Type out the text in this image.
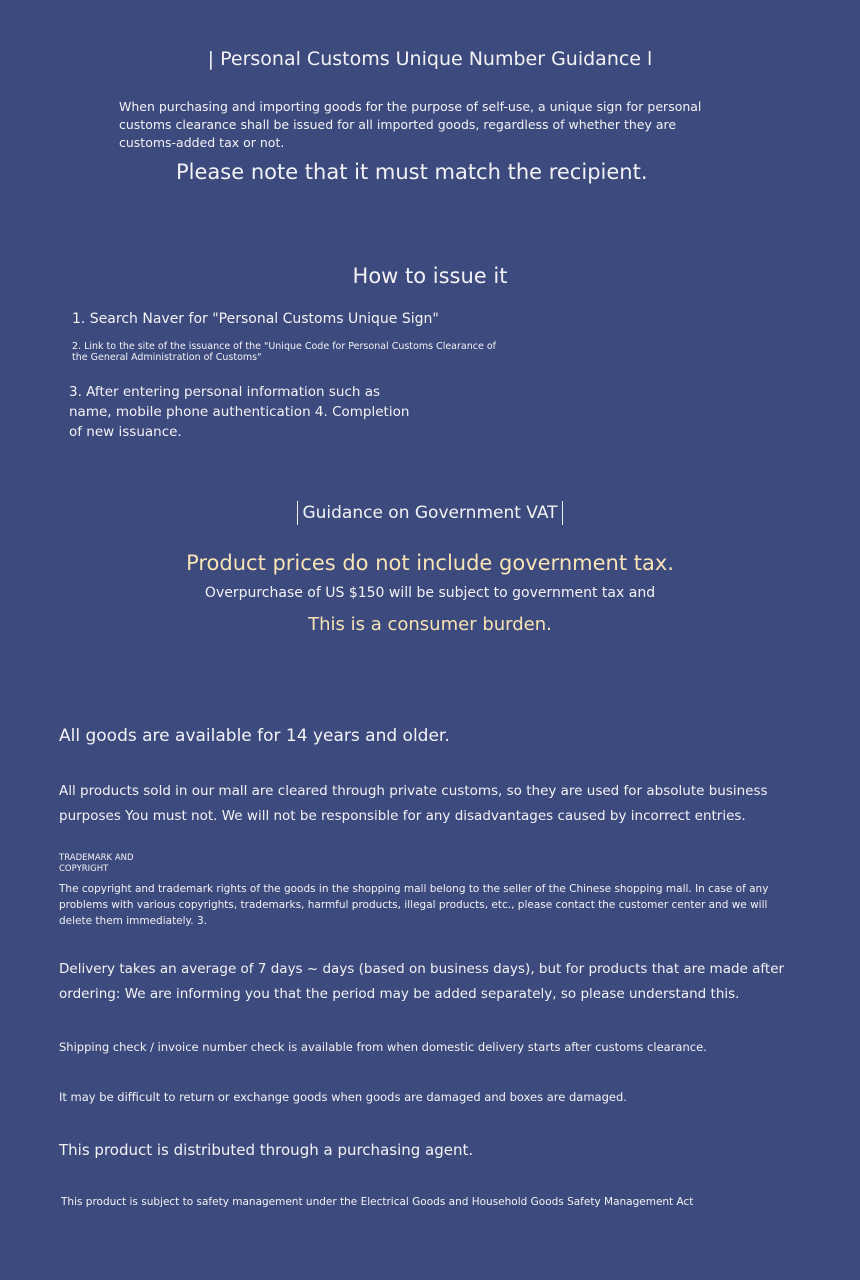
| Personal Customs Unique Number Guidance l

When purchasing and importing goods for the purpose of self-use, a unique sign for personal customs clearance shall be issued for all imported goods, regardless of whether they are customs-added tax or not.

Please note that it must match the recipient.

How to issue it

1. Search Naver for "Personal Customs Unique Sign"

2. Link to the site of the issuance of the "Unique Code for Personal Customs Clearance of the General Administration of Customs"

3. After entering personal information such as name, mobile phone authentication 4. Completion of new issuance.

Guidance on Government VAT

Product prices do not include government tax.

Overpurchase of US $150 will be subject to government tax and

This is a consumer burden.

All goods are available for 14 years and older.

All products sold in our mall are cleared through private customs, so they are used for absolute business purposes You must not. We will not be responsible for any disadvantages caused by incorrect entries.

TRADEMARK AND COPYRIGHT

The copyright and trademark rights of the goods in the shopping mall belong to the seller of the Chinese shopping mall. In case of any problems with various copyrights, trademarks, harmful products, illegal products, etc., please contact the customer center and we will delete them immediately. 3.

Delivery takes an average of 7 days ~ days (based on business days), but for products that are made after ordering: We are informing you that the period may be added separately, so please understand this.

Shipping check / invoice number check is available from when domestic delivery starts after customs clearance.

It may be difficult to return or exchange goods when goods are damaged and boxes are damaged.

This product is distributed through a purchasing agent.

This product is subject to safety management under the Electrical Goods and Household Goods Safety Management Act
